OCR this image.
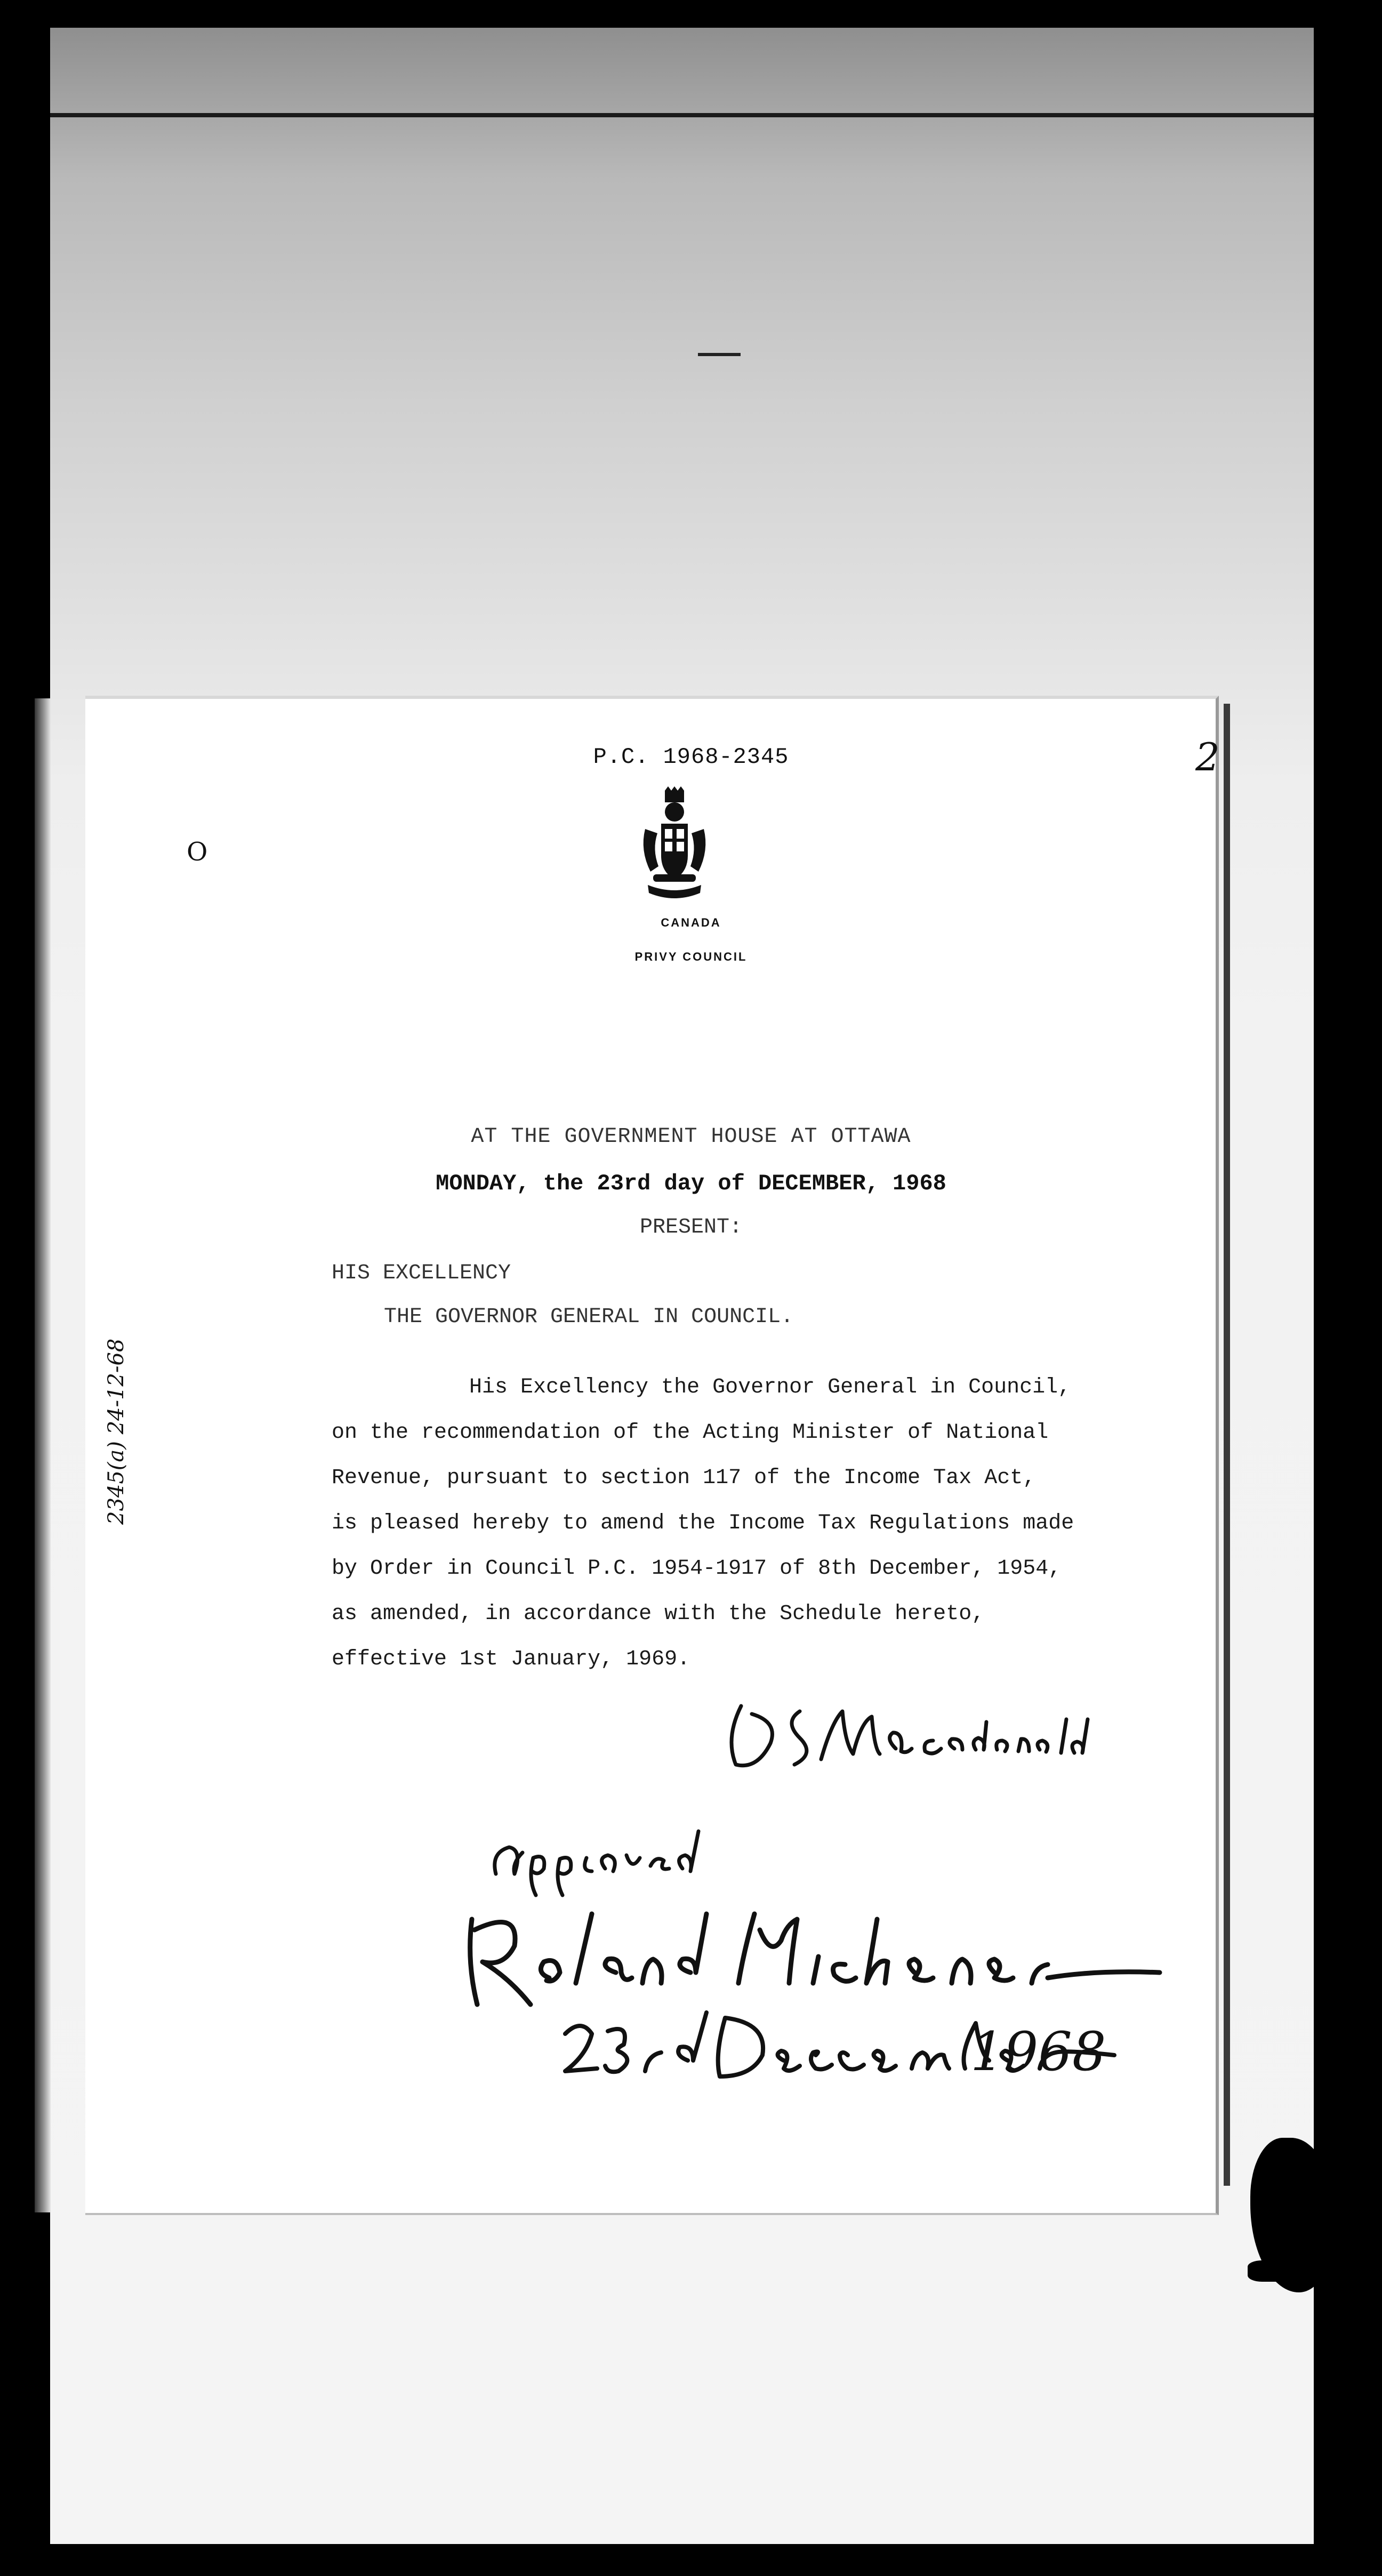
O
P.C. 1968-2345	2
CANADA
PRIVY COUNCIL
AT THE GOVERNMENT HOUSE AT OTTAWA
MONDAY, the 23rd day of DECEMBER, 1968
PRESENT:
HIS EXCELLENCY
THE GOVERNOR GENERAL IN COUNCIL.
His Excellency the Governor General in Council,
on the recommendation of the Acting Minister of National
Revenue, pursuant to section 117 of the Income Tax Act,
is pleased hereby to amend the Income Tax Regulations made
by Order in Council P.C. 1954-1917 of 8th December, 1954,
as amended, in accordance with the Schedule hereto,
effective 1st January, 1969.
2345(a) 24-12-68
1968
